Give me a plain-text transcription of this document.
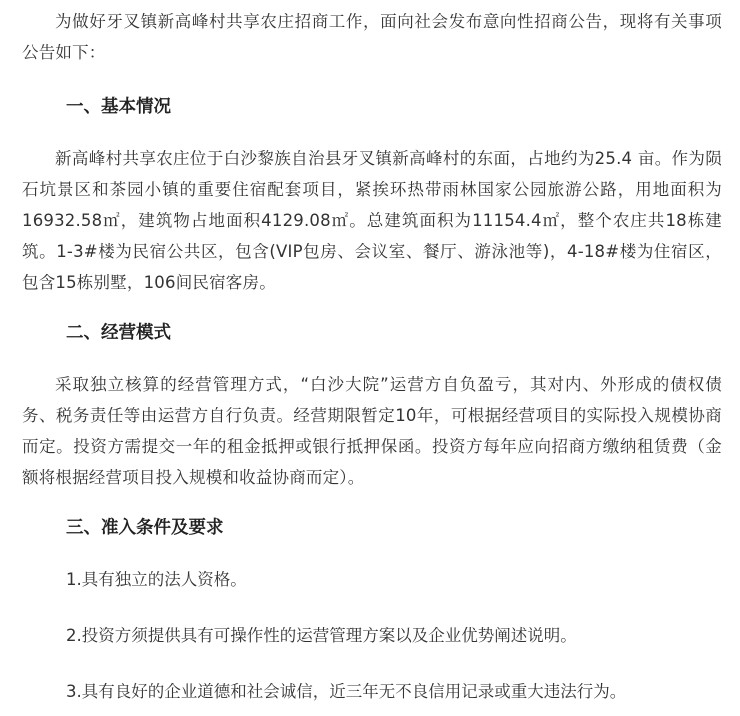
为做好牙叉镇新高峰村共享农庄招商工作，面向社会发布意向性招商公告，现将有关事项公告如下：
一、基本情况
新高峰村共享农庄位于白沙黎族自治县牙叉镇新高峰村的东面，占地约为25.4 亩。作为陨石坑景区和茶园小镇的重要住宿配套项目，紧挨环热带雨林国家公园旅游公路，用地面积为16932.58㎡，建筑物占地面积4129.08㎡。总建筑面积为11154.4㎡，整个农庄共18栋建筑。1-3#楼为民宿公共区，包含(VIP包房、会议室、餐厅、游泳池等)，4-18#楼为住宿区，包含15栋别墅，106间民宿客房。
二、经营模式
采取独立核算的经营管理方式，“白沙大院”运营方自负盈亏，其对内、外形成的债权债务、税务责任等由运营方自行负责。经营期限暂定10年，可根据经营项目的实际投入规模协商而定。投资方需提交一年的租金抵押或银行抵押保函。投资方每年应向招商方缴纳租赁费（金额将根据经营项目投入规模和收益协商而定）。
三、准入条件及要求
1.具有独立的法人资格。
2.投资方须提供具有可操作性的运营管理方案以及企业优势阐述说明。
3.具有良好的企业道德和社会诚信，近三年无不良信用记录或重大违法行为。
